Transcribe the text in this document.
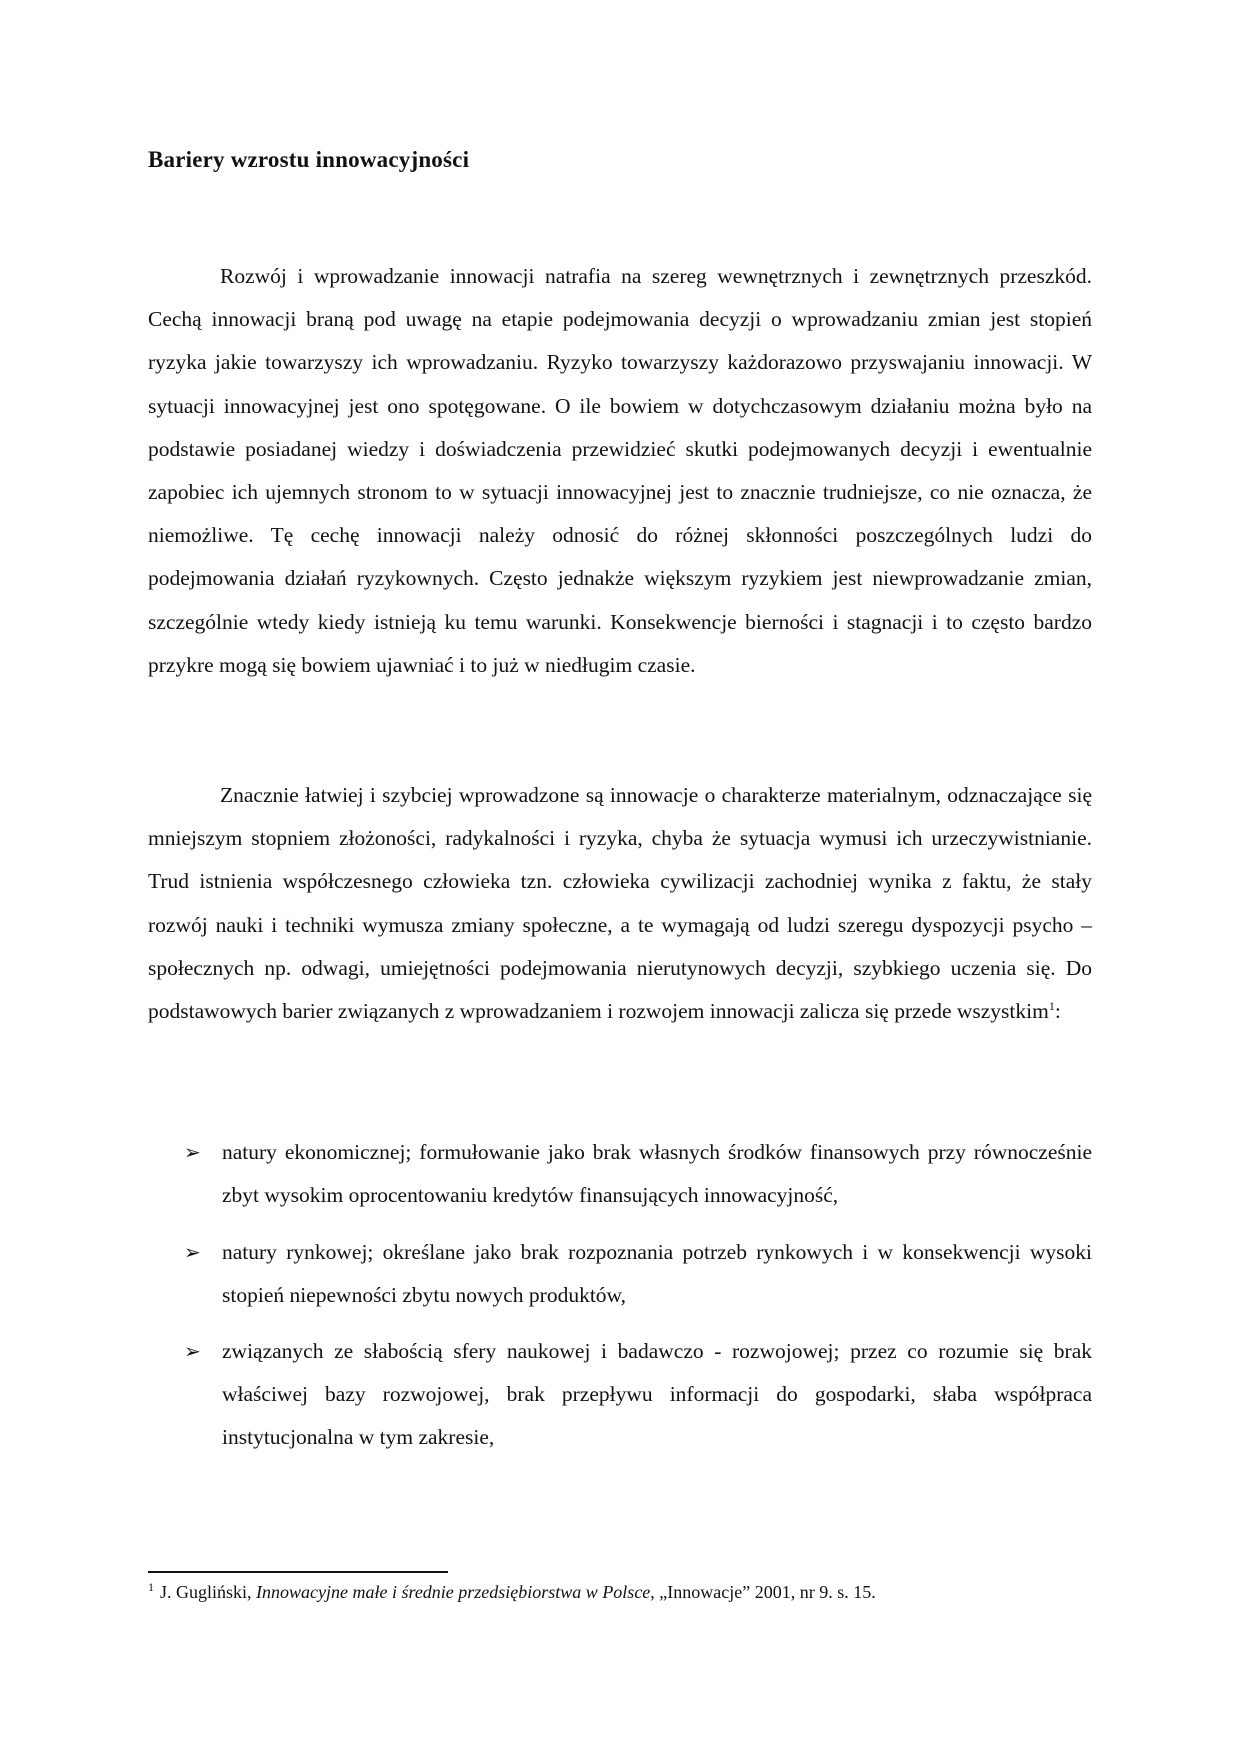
Bariery wzrostu innowacyjności

Rozwój i wprowadzanie innowacji natrafia na szereg wewnętrznych i zewnętrznych przeszkód. Cechą innowacji braną pod uwagę na etapie podejmowania decyzji o wprowadzaniu zmian jest stopień ryzyka jakie towarzyszy ich wprowadzaniu. Ryzyko towarzyszy każdorazowo przyswajaniu innowacji. W sytuacji innowacyjnej jest ono spotęgowane. O ile bowiem w dotychczasowym działaniu można było na podstawie posiadanej wiedzy i doświadczenia przewidzieć skutki podejmowanych decyzji i ewentualnie zapobiec ich ujemnych stronom to w sytuacji innowacyjnej jest to znacznie trudniejsze, co nie oznacza, że niemożliwe. Tę cechę innowacji należy odnosić do różnej skłonności poszczególnych ludzi do podejmowania działań ryzykownych. Często jednakże większym ryzykiem jest niewprowadzanie zmian, szczególnie wtedy kiedy istnieją ku temu warunki. Konsekwencje bierności i stagnacji i to często bardzo przykre mogą się bowiem ujawniać i to już w niedługim czasie.

Znacznie łatwiej i szybciej wprowadzone są innowacje o charakterze materialnym, odznaczające się mniejszym stopniem złożoności, radykalności i ryzyka, chyba że sytuacja wymusi ich urzeczywistnianie. Trud istnienia współczesnego człowieka tzn. człowieka cywilizacji zachodniej wynika z faktu, że stały rozwój nauki i techniki wymusza zmiany społeczne, a te wymagają od ludzi szeregu dyspozycji psycho – społecznych np. odwagi, umiejętności podejmowania nierutynowych decyzji, szybkiego uczenia się. Do podstawowych barier związanych z wprowadzaniem i rozwojem innowacji zalicza się przede wszystkim$^1$:

➢ natury ekonomicznej; formułowanie jako brak własnych środków finansowych przy równocześnie zbyt wysokim oprocentowaniu kredytów finansujących innowacyjność,
➢ natury rynkowej; określane jako brak rozpoznania potrzeb rynkowych i w konsekwencji wysoki stopień niepewności zbytu nowych produktów,
➢ związanych ze słabością sfery naukowej i badawczo - rozwojowej; przez co rozumie się brak właściwej bazy rozwojowej, brak przepływu informacji do gospodarki, słaba współpraca instytucjonalna w tym zakresie,

$^1$ J. Gugliński, Innowacyjne małe i średnie przedsiębiorstwa w Polsce, „Innowacje” 2001, nr 9. s. 15.
